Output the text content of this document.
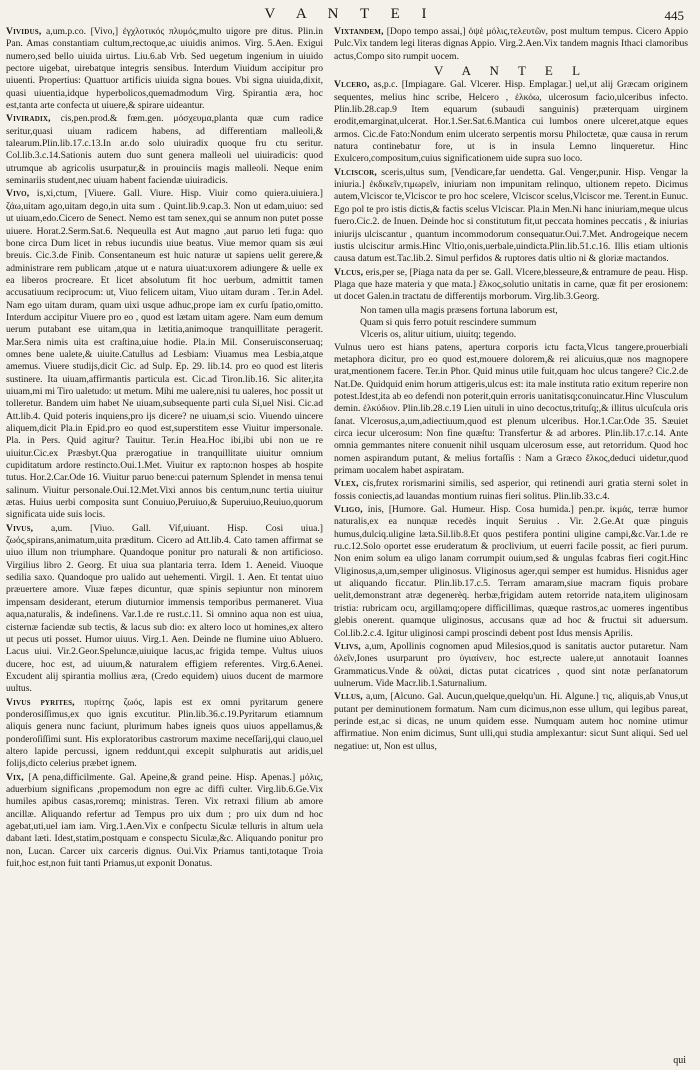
V A N T E I	445

Vividus, a,um.p.co. [Vivo,] ἐγχλοτικός πλυμός,multo uigore pre ditus. Plin.in Pan. Amas constantiam cultum,rectoque,ac uiuidis animos. Virg. 5.Aen. Exigui numero,sed bello uiuida uirtus. Liu.6.ab Vrb. Sed uegetum ingenium in uiuido pectore uigebat, uirebatque integris sensibus. Interdum Viuidum accipitur pro uiuenti. Propertius: Quattuor artificis uiuida signa boues. Vbi signa uiuida,dixit, quasi uiuentia,idque hyperbolicos,quemadmodum Virg. Spirantia æra, hoc est,tanta arte confecta ut uiuere,& spirare uideantur.

Viviradix, cis,pen.prod.& fœm.gen. μόσχευμα,planta quæ cum radice seritur,quasi uiuam radicem habens, ad differentiam malleoli,& talearum.Plin.lib.17.c.13.In ar.do solo uiuiradix quoque fru ctu seritur. Col.lib.3.c.14.Sationis autem duo sunt genera malleoli uel uiuiradicis: quod utrumque ab agricolis usurpatur,& in prouinciis magis malleoli. Neque enim seminariis student,nec uiuam habent faciendæ uiuiradicis.

Vivo, is,xi,ctum, [Viuere. Gall. Viure. Hisp. Viuir como quiera.uiuiera.] ζάω,uitam ago,uitam dego,in uita sum . Quint.lib.9.cap.3. Non ut edam,uiuo: sed ut uiuam,edo.Cicero de Senect. Nemo est tam senex,qui se annum non putet posse uiuere. Horat.2.Serm.Sat.6. Nequeulla est Aut magno ,aut paruo leti fuga: quo bone circa Dum licet in rebus iucundis uiue beatus. Viue memor quam sis æui breuis. Cic.3.de Finib. Consentaneum est huic naturæ ut sapiens uelit gerere,& administrare rem publicam ,atque ut e natura uiuat:uxorem adiungere & uelle ex ea liberos procreare. Et licet absolutum fit hoc uerbum, admittit tamen accusatiuum reciprocum: ut, Viuo felicem uitam, Viuo uitam duram . Ter.in Adel. Nam ego uitam duram, quam uixi usque adhuc,prope iam ex curſu ſpatio,omitto. Interdum accipitur Viuere pro eo , quod est lætam uitam agere. Nam eum demum uerum putabant ese uitam,qua in lætitia,animoque tranquillitate peragerit. Mar.Sera nimis uita est craſtina,uiue hodie. Pla.in Mil. Conseruisconseruaq; omnes bene ualete,& uiuite.Catullus ad Lesbiam: Viuamus mea Lesbia,atque amemus. Viuere studijs,dicit Cic. ad Sulp. Ep. 29. lib.14. pro eo quod est literis sustinere. Ita uiuam,affirmantis particula est. Cic.ad Tiron.lib.16. Sic aliter,ita uiuam,mi mi Tiro ualetudo: ut metum. Mihi me ualere,nisi tu ualeres, hoc possit ut tolleretur. Bandem uim habet Ne uiuam,subsequente parti cula Si,uel Nisi. Cic.ad Att.lib.4. Quid poteris inquiens,pro ijs dicere? ne uiuam,si scio. Viuendo uincere aliquem,dicit Pla.in Epid.pro eo quod est,superstitem esse Viuitur impersonale. Pla. in Pers. Quid agitur? Tauitur. Ter.in Hea.Hoc ibi,ibi ubi non ue re uiuitur.Cic.ex Præsbyt.Qua prærogatiue in tranquillitate uiuitur omnium cupiditatum ardore restincto.Oui.1.Met. Viuitur ex rapto:non hospes ab hospite tutus. Hor.2.Car.Ode 16. Viuitur paruo bene:cui paternum Splendet in mensa tenui salinum. Viuitur personale.Oui.12.Met.Vixi annos bis centum,nunc tertia uiuitur ætas. Huius uerbi composita sunt Conuiuo,Peruiuo,& Superuiuo,Reuiuo,quorum significata uide suis locis.

Vivus, a,um. [Viuo. Gall. Vif,uiuant. Hisp. Cosi uiua.] ζωός,spirans,animatum,uita præditum. Cicero ad Att.lib.4. Cato tamen affirmat se uiuo illum non triumphare. Quandoque ponitur pro naturali & non artificioso. Virgilius libro 2. Georg. Et uiua sua plantaria terra. Idem 1. Aeneid. Viuoque sedilia saxo. Quandoque pro ualido aut uehementi. Virgil. 1. Aen. Et tentat uiuo præuertere amore. Viuæ fæpes dicuntur, quæ spinis sepiuntur non minorem impensam desiderant, eterum diuturnior immensis temporibus permaneret. Viua aqua,naturalis, & indeſinens. Var.1.de re rust.c.11. Si omnino aqua non est uiua, cisternæ faciendæ sub tectis, & lacus sub dio: ex altero loco ut homines,ex altero ut pecus uti posset. Humor uiuus. Virg.1. Aen. Deinde ne flumine uiuo Abluero. Lacus uiui. Vir.2.Geor.Speluncæ,uiuique lacus,ac frigida tempe. Vultus uiuos ducere, hoc est, ad uiuum,& naturalem effigiem referentes. Virg.6.Aenei. Excudent alij spirantia mollius æra, (Credo equidem) uiuos ducent de marmore uultus.

Vivus pyrites, πυρίτης ζωός, lapis est ex omni pyritarum genere ponderosiſſimus,ex quo ignis excutitur. Plin.lib.36.c.19.Pyritarum etiamnum aliquis genera nunc faciunt, plurimum habes igneis quos uiuos appellamus,& ponderoſiſſimi sunt. His exploratoribus castrorum maxime neceſſarij,qui clauo,uel altero lapide percussi, ignem reddunt,qui excepit sulphuratis aut aridis,uel folijs,dicto celerius præbet ignem.

Vix, [A pena,difficilmente. Gal. Apeine,& grand peine. Hisp. Apenas.] μόλις, aduerbium significans ,propemodum non egre ac diffi culter. Virg.lib.6.Ge.Vix humiles apibus casas,roremq; ministras. Teren. Vix retraxi filium ab amore ancillæ. Aliquando refertur ad Tempus pro uix dum ; pro uix dum nd hoc agebat,uti,uel iam iam. Virg.1.Aen.Vix e conſpectu Siculæ telluris in altum uela dabant læti. Idest,statim,postquam e conspectu Siculæ,&c. Aliquando ponitur pro non, Lucan. Carcer uix carceris dignus. Oui.Vix Priamus tanti,totaque Troia fuit,hoc est,non fuit tanti Priamus,ut exponit Donatus.

Vixtandem, [Dopo tempo assai,] ὀψὲ μόλις,τελευτῶν, post multum tempus. Cicero Appio Pulc.Vix tandem legi literas dignas Appio. Virg.2.Aen.Vix tandem magnis Ithaci clamoribus actus,Compo sito rumpit uocem.

V A N T E L

Vlcero, as,p.c. [Impiagare. Gal. Vlcerer. Hisp. Emplagar.] uel,ut alij Græcam originem sequentes, melius hinc scribe, Helcero , ἑλκόω, ulcerosum facio,ulceribus infecto. Plin.lib.28.cap.9 Item equarum (subaudi sanguinis) præterquam uirginem erodit,emarginat,ulcerat. Hor.1.Ser.Sat.6.Mantica cui lumbos onere ulceret,atque eques armos. Cic.de Fato:Nondum enim ulcerato serpentis morsu Philoctetæ, quæ causa in rerum natura continebatur fore, ut is in insula Lemno linqueretur. Hinc Exulcero,compositum,cuius significationem uide supra suo loco.

Vlciscor, sceris,ultus sum, [Vendicare,far uendetta. Gal. Venger,punir. Hisp. Vengar la iniuria.] ἐκδικεῖν,τιμωρεῖν, iniuriam non impunitam relinquo, ultionem repeto. Dicimus autem,Vlciscor te,Vlciscor te pro hoc scelere, Vlciscor scelus,Vlciscor me. Terent.in Eunuc. Ego pol te pro istis dictis,& factis scelus Vlciscar. Pla.in Men.Ni hanc iniuriam,meque ulcus fuero.Cic.2. de Inuen. Deinde hoc si constitutum fit,ut peccata homines peccatis , & iniurias iniurijs ulciscantur , quantum incommodorum consequatur.Oui.7.Met. Androgeique necem iustis ulciscitur armis.Hinc Vltio,onis,uerbale,uindicta.Plin.lib.51.c.16. Illis etiam ultionis causa datum est.Tac.lib.2. Simul perfidos & ruptores datis ultio ni & gloriæ mactandos.

Vlcus, eris,per se, [Piaga nata da per se. Gall. Vlcere,blesseure,& entramure de peau. Hisp. Plaga que haze materia y que mata.] ἕλκος,solutio unitatis in carne, quæ fit per erosionem: ut docet Galen.in tractatu de differentijs morborum. Virg.lib.3.Georg.

Non tamen ulla magis præsens fortuna laborum est,

Quam si quis ferro potuit rescindere summum

Vlceris os, alitur uitium, uiuitq; tegendo.

Vulnus uero est hians patens, apertura corporis ictu facta,Vlcus tangere,prouerbiali metaphora dicitur, pro eo quod est,mouere dolorem,& rei alicuius,quæ nos magnopere urat,mentionem facere. Ter.in Phor. Quid minus utile fuit,quam hoc ulcus tangere? Cic.2.de Nat.De. Quidquid enim horum attigeris,ulcus est: ita male instituta ratio exitum reperire non potest.Idest,ita ab eo defendi non poterit,quin erroris uanitatisq;conuincatur.Hinc Vlusculum demin. ἑλκύδιον. Plin.lib.28.c.19 Lien uituli in uino decoctus,trituſq;,& illitus ulcuſcula oris ſanat. Vlcerosus,a,um,adiectiuum,quod est plenum ulceribus. Hor.1.Car.Ode 35. Sæuiet circa iecur ulcerosum: Non fine quæſtu: Transfertur & ad arbores. Plin.lib.17.c.14. Ante omnia gemmantes nitere conuenit nihil usquam ulcerosum esse, aut retorridum. Quod hoc nomen aspirandum putant, & melius fortaſſis : Nam a Græco ἕλκος,deduci uidetur,quod primam uocalem habet aspiratam.

Vlex, cis,frutex rorismarini similis, sed asperior, qui retinendi auri gratia sterni solet in fossis coniectis,ad lauandas montium ruinas fieri solitus. Plin.lib.33.c.4.

Vligo, inis, [Humore. Gal. Humeur. Hisp. Cosa humida.] pen.pr. ἰκμάς, terræ humor naturalis,ex ea nunquæ recedès inquit Seruius . Vir. 2.Ge.At quæ pinguis humus,dulciq.uligine læta.Sil.lib.8.Et quos pestifera pontini uligine campi,&c.Var.1.de re ru.c.12.Solo oportet esse eruderatum & proclivium, ut euerri facile possit, ac fieri purum. Non enim solum ea uligo lanam corrumpit ouium,sed & ungulas fcabras fieri cogit.Hinc Vliginosus,a,um,semper uliginosus. Vliginosus ager,qui semper est humidus. Hisnidus ager ut aliquando ficcatur. Plin.lib.17.c.5. Terram amaram,siue macram fiquis probare uelit,demonstrant atræ degenerèq. herbæ,frigidam autem retorride nata,item uliginosam tristia: rubricam ocu, argillamq;opere difficillimas, quæque rastros,ac uomeres ingentibus glebis onerent. quamque uliginosus, accusans quæ ad hoc & fructui sit aduersum. Col.lib.2.c.4. Igitur uliginosi campi proscindi debent post Idus mensis Aprilis.

Vlivs, a,um, Apollinis cognomen apud Milesios,quod is sanitatis auctor putaretur. Nam ὀλεῖν,Iones usurparunt pro ὑγιαίνειν, hoc est,recte ualere,ut annotauit Ioannes Grammaticus.Vnde & οὐλαὶ, dictas putat cicatrices , quod sint notæ perſanatorum uulnerum. Vide Macr.lib.1.Saturnalium.

Vllus, a,um, [Alcuno. Gal. Aucun,quelque,quelqu'un. Hi. Algune.] τις, aliquis,ab Vnus,ut putant per deminutionem formatum. Nam cum dicimus,non esse ullum, qui legibus pareat, perinde est,ac si dicas, ne unum quidem esse. Numquam autem hoc nomine utimur affirmatiue. Non enim dicimus, Sunt ulli,qui studia amplexantur: sicut Sunt aliqui. Sed uel negatiue: ut, Non est ullus,

qui
